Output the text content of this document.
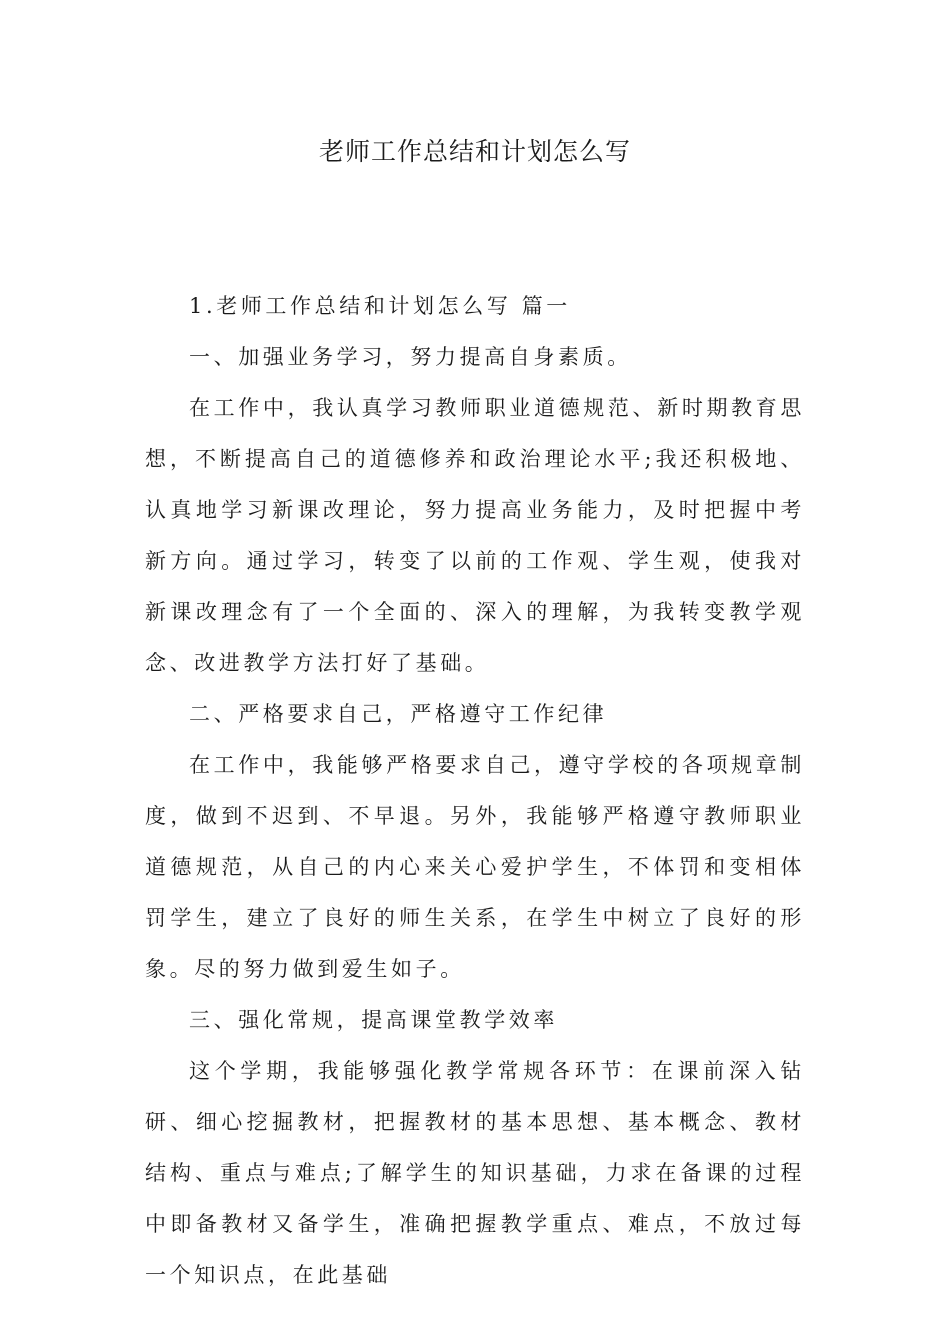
老师工作总结和计划怎么写

1.老师工作总结和计划怎么写 篇一

一、加强业务学习，努力提高自身素质。

在工作中，我认真学习教师职业道德规范、新时期教育思想，不断提高自己的道德修养和政治理论水平;我还积极地、认真地学习新课改理论，努力提高业务能力，及时把握中考新方向。通过学习，转变了以前的工作观、学生观，使我对新课改理念有了一个全面的、深入的理解，为我转变教学观念、改进教学方法打好了基础。

二、严格要求自己，严格遵守工作纪律

在工作中，我能够严格要求自己，遵守学校的各项规章制度，做到不迟到、不早退。另外，我能够严格遵守教师职业道德规范，从自己的内心来关心爱护学生，不体罚和变相体罚学生，建立了良好的师生关系，在学生中树立了良好的形象。尽的努力做到爱生如子。

三、强化常规，提高课堂教学效率

这个学期，我能够强化教学常规各环节：在课前深入钻研、细心挖掘教材，把握教材的基本思想、基本概念、教材结构、重点与难点;了解学生的知识基础，力求在备课的过程中即备教材又备学生，准确把握教学重点、难点，不放过每一个知识点，在此基础
